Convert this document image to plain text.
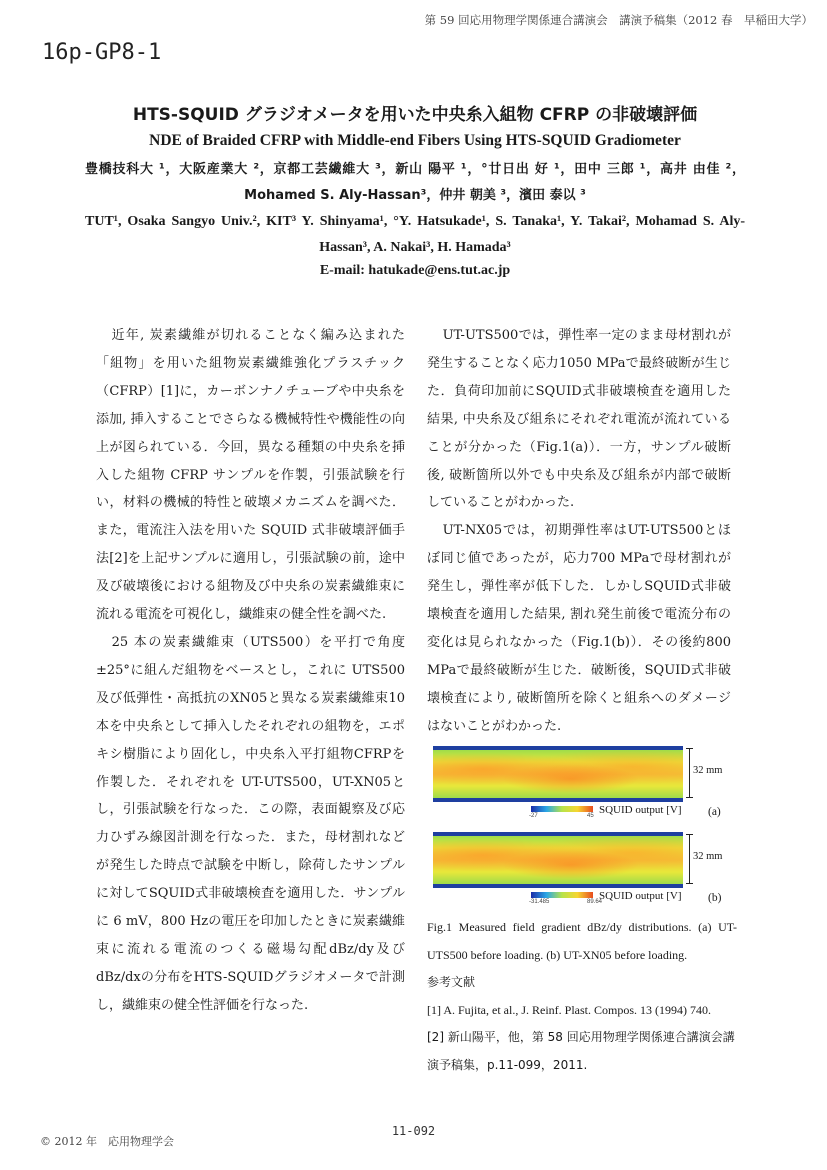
第 59 回応用物理学関係連合講演会　講演予稿集（2012 春　早稲田大学）
16p-GP8-1
HTS-SQUID グラジオメータを用いた中央糸入組物 CFRP の非破壊評価
NDE of Braided CFRP with Middle-end Fibers Using HTS-SQUID Gradiometer
豊橋技科大 ¹，大阪産業大 ²，京都工芸繊維大 ³，新山 陽平 ¹，°廿日出 好 ¹，田中 三郎 ¹，高井 由佳 ²，Mohamed S. Aly-Hassan³，仲井 朝美 ³，濱田 泰以 ³
TUT¹, Osaka Sangyo Univ.², KIT³ Y. Shinyama¹, °Y. Hatsukade¹, S. Tanaka¹, Y. Takai², Mohamad S. Aly-Hassan³, A. Nakai³, H. Hamada³
E-mail: hatukade@ens.tut.ac.jp

近年, 炭素繊維が切れることなく編み込まれた「組物」を用いた組物炭素繊維強化プラスチック（CFRP）[1]に，カーボンナノチューブや中央糸を添加, 挿入することでさらなる機械特性や機能性の向上が図られている．今回，異なる種類の中央糸を挿入した組物 CFRP サンプルを作製，引張試験を行い，材料の機械的特性と破壊メカニズムを調べた．また，電流注入法を用いた SQUID 式非破壊評価手法[2]を上記サンプルに適用し，引張試験の前，途中及び破壊後における組物及び中央糸の炭素繊維束に流れる電流を可視化し，繊維束の健全性を調べた.

25 本の炭素繊維束（UTS500）を平打で角度±25°に組んだ組物をベースとし，これに UTS500及び低弾性・高抵抗のXN05と異なる炭素繊維束10本を中央糸として挿入したそれぞれの組物を，エポキシ樹脂により固化し，中央糸入平打組物CFRPを作製した．それぞれを UT-UTS500，UT-XN05とし，引張試験を行なった．この際，表面観察及び応力ひずみ線図計測を行なった．また，母材割れなどが発生した時点で試験を中断し，除荷したサンプルに対してSQUID式非破壊検査を適用した．サンプルに 6 mV，800 Hzの電圧を印加したときに炭素繊維束に流れる電流のつくる磁場勾配dBz/dy及びdBz/dxの分布をHTS-SQUIDグラジオメータで計測し，繊維束の健全性評価を行なった.

UT-UTS500では，弾性率一定のまま母材割れが発生することなく応力1050 MPaで最終破断が生じた．負荷印加前にSQUID式非破壊検査を適用した結果, 中央糸及び組糸にそれぞれ電流が流れていることが分かった（Fig.1(a)）．一方，サンプル破断後, 破断箇所以外でも中央糸及び組糸が内部で破断していることがわかった.

UT-NX05では，初期弾性率はUT-UTS500とほぼ同じ値であったが，応力700 MPaで母材割れが発生し，弾性率が低下した．しかしSQUID式非破壊検査を適用した結果, 割れ発生前後で電流分布の変化は見られなかった（Fig.1(b)）．その後約800 MPaで最終破断が生じた．破断後，SQUID式非破壊検査により, 破断箇所を除くと組糸へのダメージはないことがわかった.

32 mm
-27	45 SQUID output [V] (a)
32 mm
-31.485	89.64
SQUID output [V] (b)
Fig.1 Measured field gradient dBz/dy distributions. (a) UT-UTS500 before loading. (b) UT-XN05 before loading.
参考文献
[1] A. Fujita, et al., J. Reinf. Plast. Compos. 13 (1994) 740.
[2] 新山陽平，他，第 58 回応用物理学関係連合講演会講演予稿集，p.11-099，2011.
© 2012 年　応用物理学会
11-092
